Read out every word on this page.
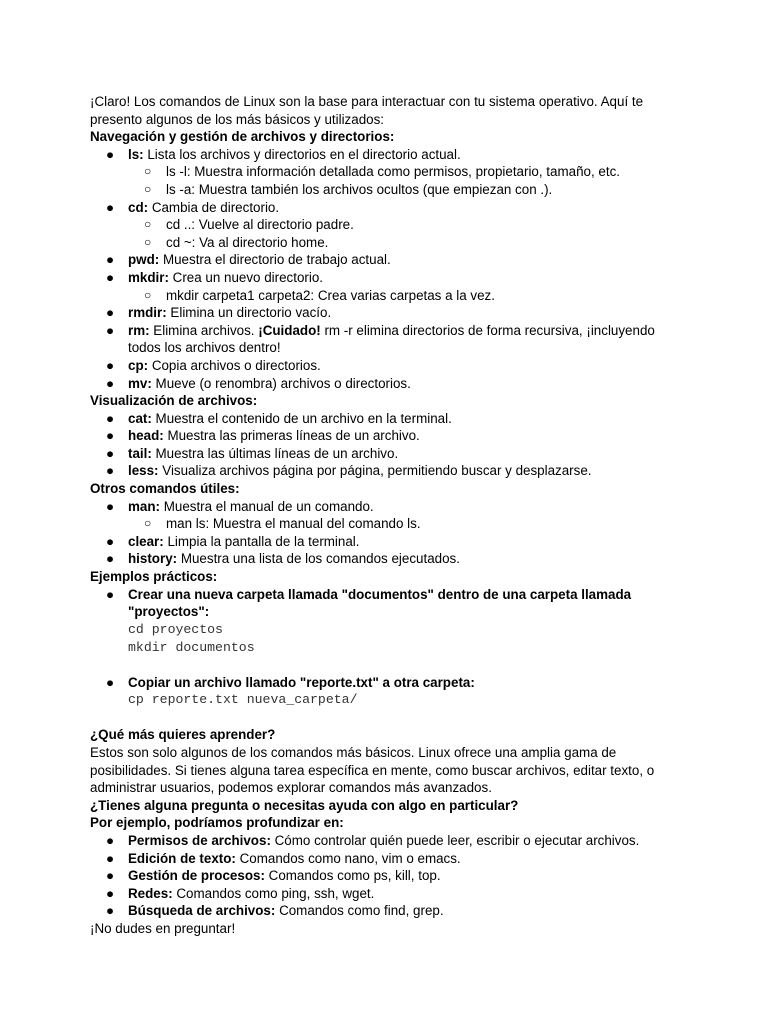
¡Claro! Los comandos de Linux son la base para interactuar con tu sistema operativo. Aquí te presento algunos de los más básicos y utilizados:

Navegación y gestión de archivos y directorios:

● ls: Lista los archivos y directorios en el directorio actual.
○ ls -l: Muestra información detallada como permisos, propietario, tamaño, etc.
○ ls -a: Muestra también los archivos ocultos (que empiezan con .).
● cd: Cambia de directorio.
○ cd ..: Vuelve al directorio padre.
○ cd ~: Va al directorio home.
● pwd: Muestra el directorio de trabajo actual.
● mkdir: Crea un nuevo directorio.
○ mkdir carpeta1 carpeta2: Crea varias carpetas a la vez.
● rmdir: Elimina un directorio vacío.
● rm: Elimina archivos. ¡Cuidado! rm -r elimina directorios de forma recursiva, ¡incluyendo todos los archivos dentro!
● cp: Copia archivos o directorios.
● mv: Mueve (o renombra) archivos o directorios.

Visualización de archivos:

● cat: Muestra el contenido de un archivo en la terminal.
● head: Muestra las primeras líneas de un archivo.
● tail: Muestra las últimas líneas de un archivo.
● less: Visualiza archivos página por página, permitiendo buscar y desplazarse.

Otros comandos útiles:

● man: Muestra el manual de un comando.
○ man ls: Muestra el manual del comando ls.
● clear: Limpia la pantalla de la terminal.
● history: Muestra una lista de los comandos ejecutados.

Ejemplos prácticos:

● Crear una nueva carpeta llamada "documentos" dentro de una carpeta llamada "proyectos":
cd proyectos
mkdir documentos
● Copiar un archivo llamado "reporte.txt" a otra carpeta:
cp reporte.txt nueva_carpeta/

¿Qué más quieres aprender?

Estos son solo algunos de los comandos más básicos. Linux ofrece una amplia gama de posibilidades. Si tienes alguna tarea específica en mente, como buscar archivos, editar texto, o administrar usuarios, podemos explorar comandos más avanzados.

¿Tienes alguna pregunta o necesitas ayuda con algo en particular?

Por ejemplo, podríamos profundizar en:

● Permisos de archivos: Cómo controlar quién puede leer, escribir o ejecutar archivos.
● Edición de texto: Comandos como nano, vim o emacs.
● Gestión de procesos: Comandos como ps, kill, top.
● Redes: Comandos como ping, ssh, wget.
● Búsqueda de archivos: Comandos como find, grep.

¡No dudes en preguntar!
